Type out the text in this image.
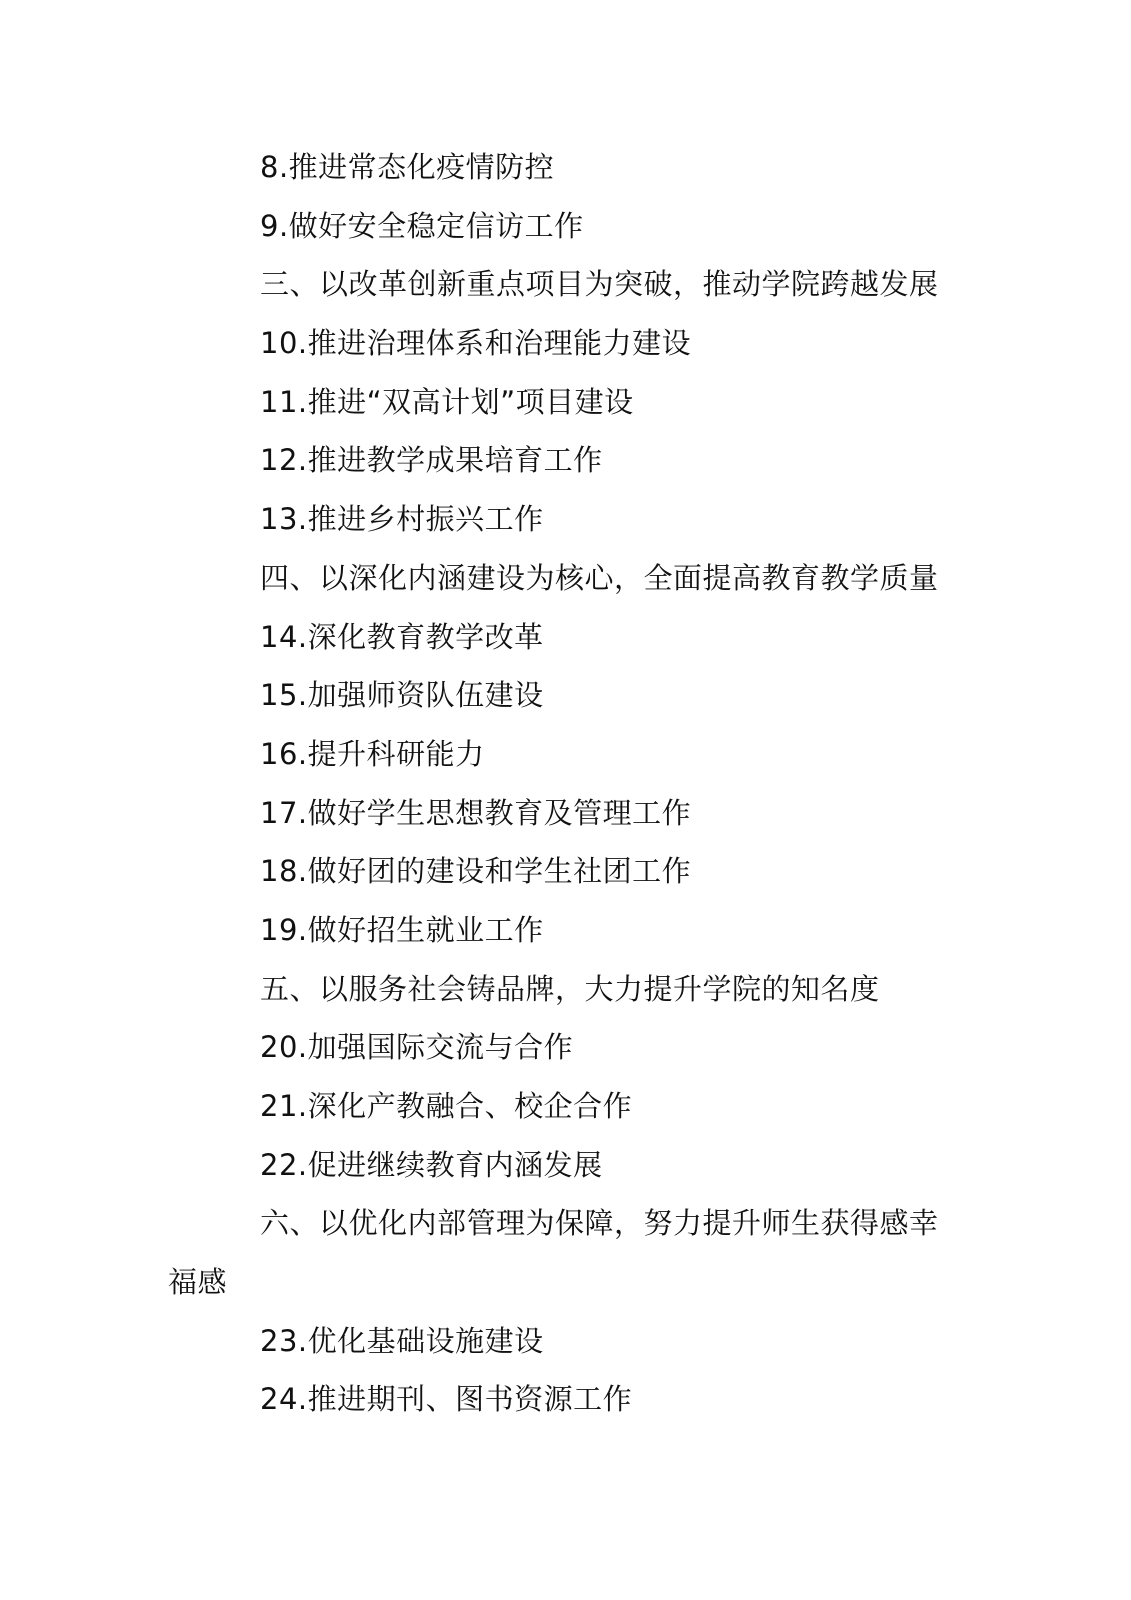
8.推进常态化疫情防控
9.做好安全稳定信访工作
三、以改革创新重点项目为突破，推动学院跨越发展
10.推进治理体系和治理能力建设
11.推进“双高计划”项目建设
12.推进教学成果培育工作
13.推进乡村振兴工作
四、以深化内涵建设为核心，全面提高教育教学质量
14.深化教育教学改革
15.加强师资队伍建设
16.提升科研能力
17.做好学生思想教育及管理工作
18.做好团的建设和学生社团工作
19.做好招生就业工作
五、以服务社会铸品牌，大力提升学院的知名度
20.加强国际交流与合作
21.深化产教融合、校企合作
22.促进继续教育内涵发展
六、以优化内部管理为保障，努力提升师生获得感幸
福感
23.优化基础设施建设
24.推进期刊、图书资源工作
